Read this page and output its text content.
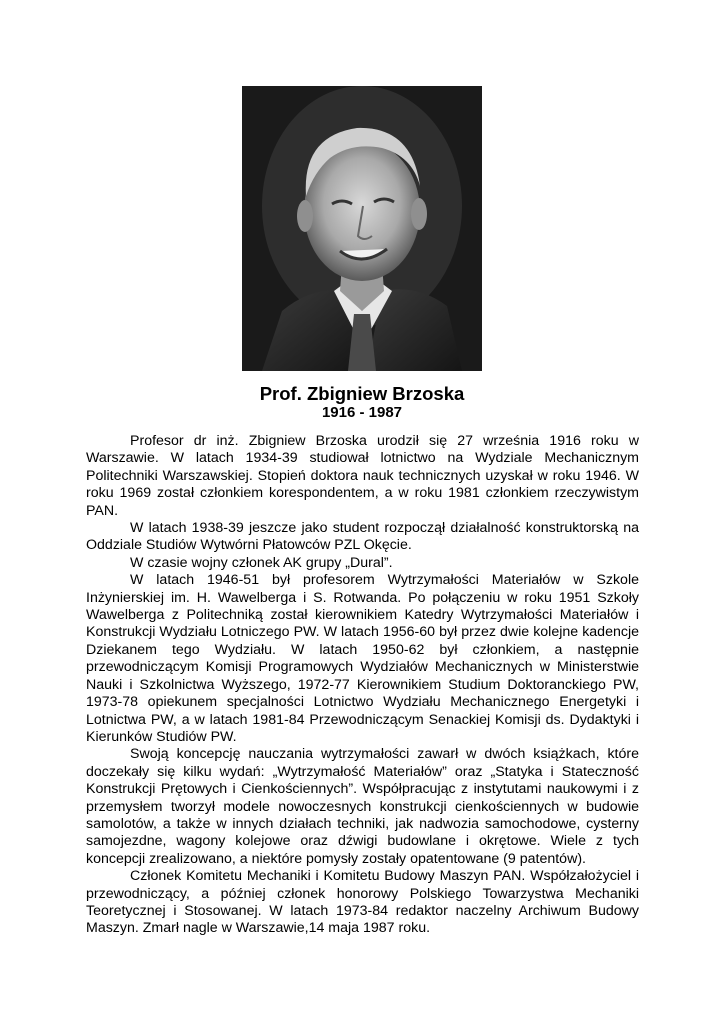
Prof. Zbigniew Brzoska
1916 - 1987

Profesor dr inż. Zbigniew Brzoska urodził się 27 września 1916 roku w Warszawie. W latach 1934-39 studiował lotnictwo na Wydziale Mechanicznym Politechniki Warszawskiej. Stopień doktora nauk technicznych uzyskał w roku 1946. W roku 1969 został członkiem korespondentem, a w roku 1981 członkiem rzeczywistym PAN.

W latach 1938-39 jeszcze jako student rozpoczął działalność konstruktorską na Oddziale Studiów Wytwórni Płatowców PZL Okęcie.

W czasie wojny członek AK grupy „Dural”.

W latach 1946-51 był profesorem Wytrzymałości Materiałów w Szkole Inżynierskiej im. H. Wawelberga i S. Rotwanda. Po połączeniu w roku 1951 Szkoły Wawelberga z Politechniką został kierownikiem Katedry Wytrzymałości Materiałów i Konstrukcji Wydziału Lotniczego PW. W latach 1956-60 był przez dwie kolejne kadencje Dziekanem tego Wydziału. W latach 1950-62 był członkiem, a następnie przewodniczącym Komisji Programowych Wydziałów Mechanicznych w Ministerstwie Nauki i Szkolnictwa Wyższego, 1972-77 Kierownikiem Studium Doktoranckiego PW, 1973-78 opiekunem specjalności Lotnictwo Wydziału Mechanicznego Energetyki i Lotnictwa PW, a w latach 1981-84 Przewodniczącym Senackiej Komisji ds. Dydaktyki i Kierunków Studiów PW.

Swoją koncepcję nauczania wytrzymałości zawarł w dwóch książkach, które doczekały się kilku wydań: „Wytrzymałość Materiałów” oraz „Statyka i Stateczność Konstrukcji Prętowych i Cienkościennych”. Współpracując z instytutami naukowymi i z przemysłem tworzył modele nowoczesnych konstrukcji cienkościennych w budowie samolotów, a także w innych działach techniki, jak nadwozia samochodowe, cysterny samojezdne, wagony kolejowe oraz dźwigi budowlane i okrętowe. Wiele z tych koncepcji zrealizowano, a niektóre pomysły zostały opatentowane (9 patentów).

Członek Komitetu Mechaniki i Komitetu Budowy Maszyn PAN. Współzałożyciel i przewodniczący, a później członek honorowy Polskiego Towarzystwa Mechaniki Teoretycznej i Stosowanej. W latach 1973-84 redaktor naczelny Archiwum Budowy Maszyn. Zmarł nagle w Warszawie,14 maja 1987 roku.
